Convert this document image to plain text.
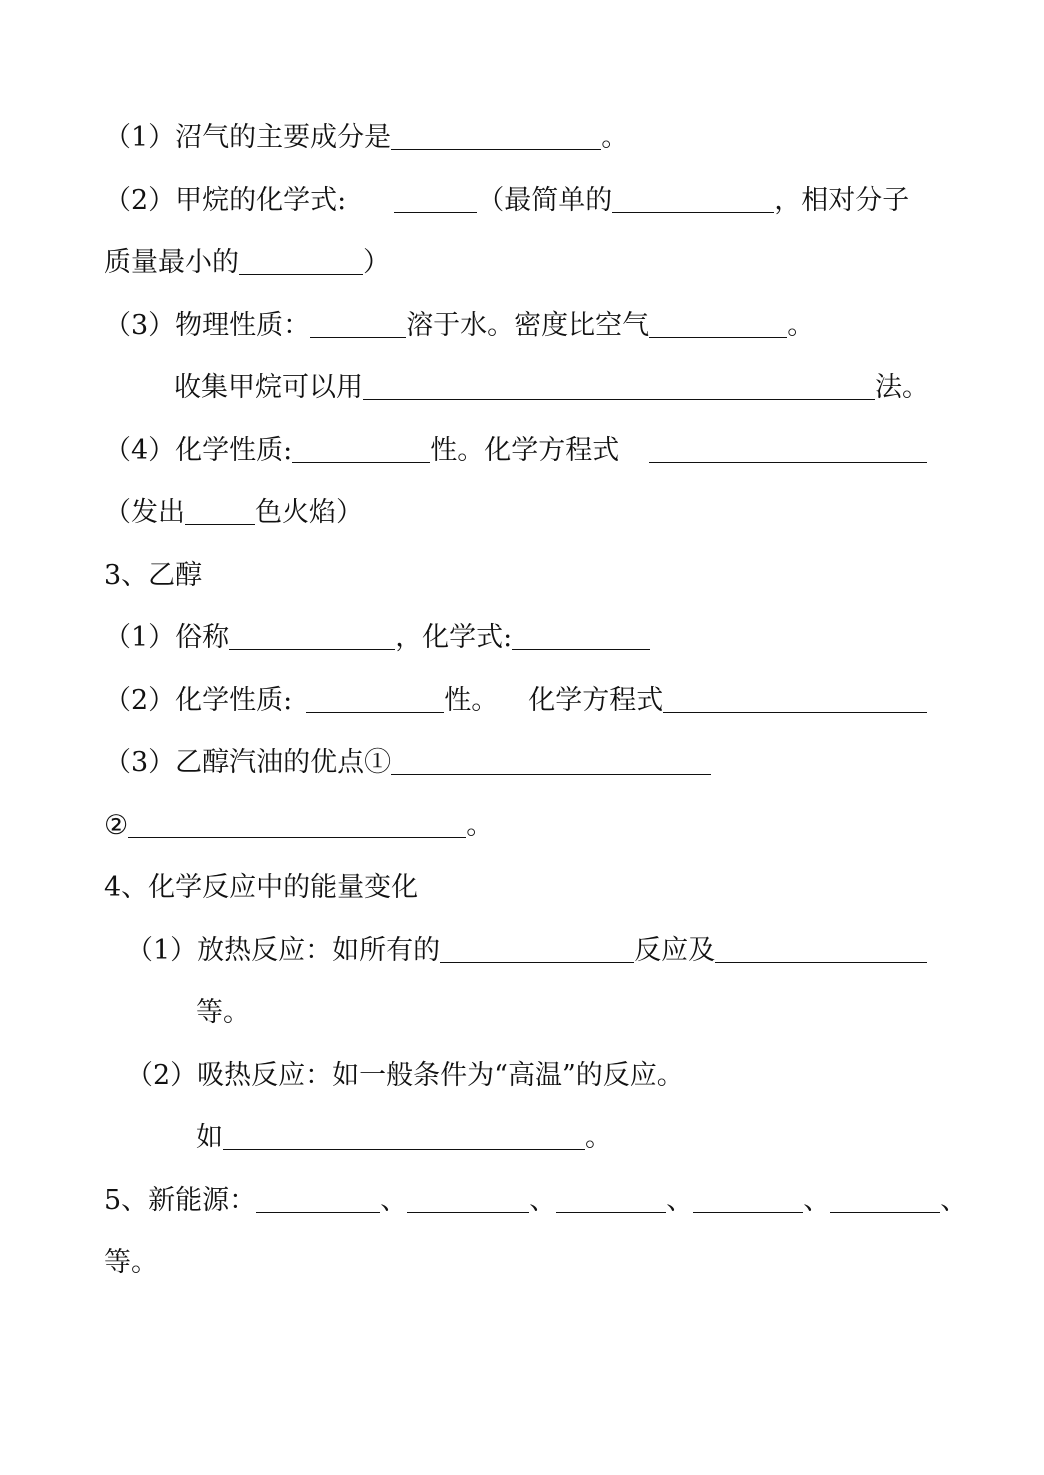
（1）沼气的主要成分是	。
（2）甲烷的化学式:	（最简单的	，相对分子
质量最小的	）
（3）物理性质：	溶于水。密度比空气	。
收集甲烷可以用	法。
（4）化学性质:	性。化学方程式
（发出	色火焰）
3、乙醇
（1）俗称	，化学式:
（2）化学性质:	性。 化学方程式
（3）乙醇汽油的优点①
②	。
4、化学反应中的能量变化
（1）放热反应：如所有的	反应及
等。
（2）吸热反应：如一般条件为“高温”的反应。
如	。
5、新能源：	、	、	、	、	、
等。
